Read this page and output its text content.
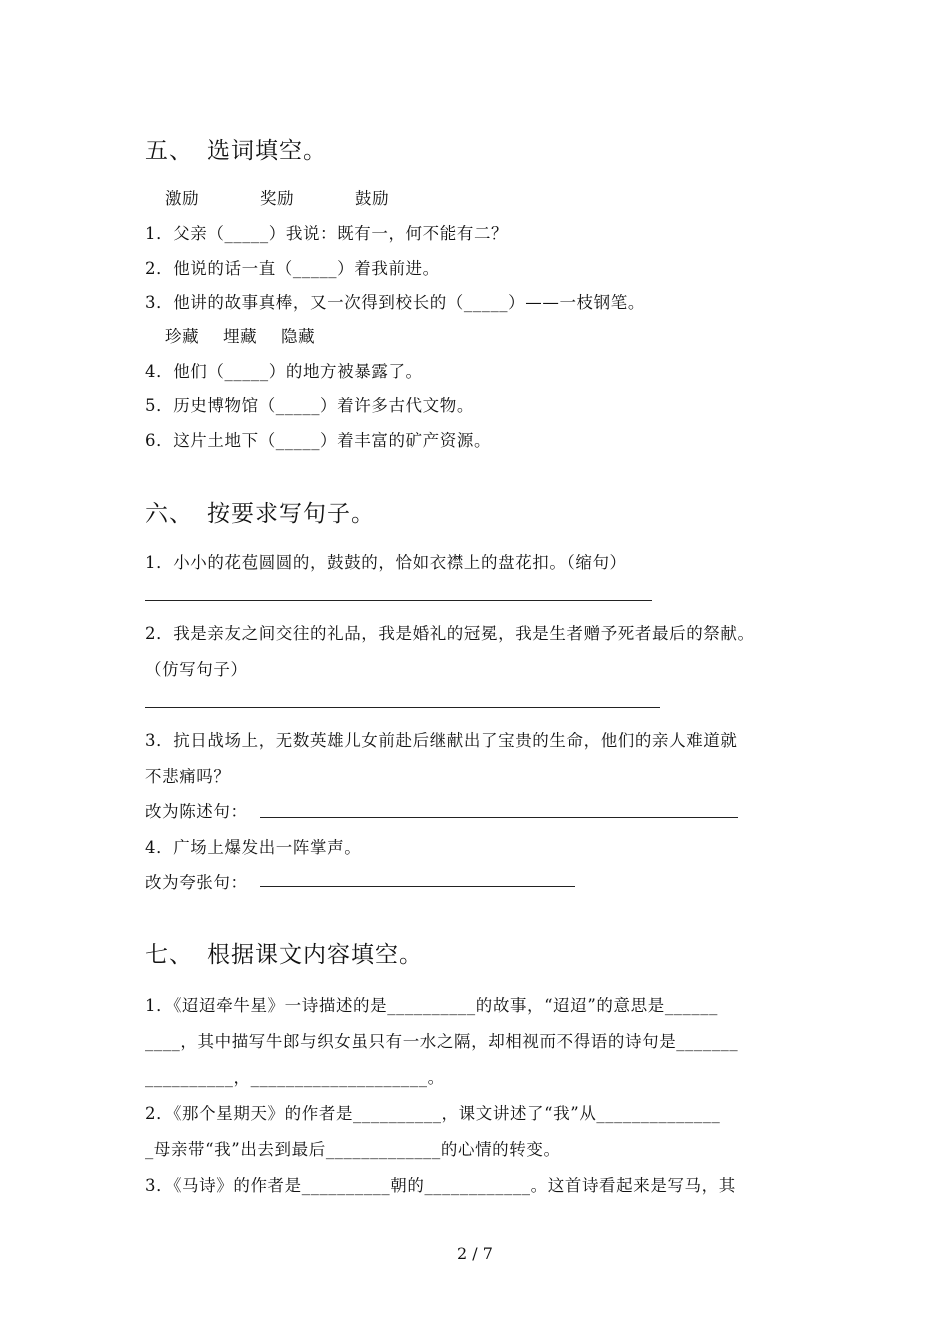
五、 选词填空。
激励	奖励	鼓励
1．父亲（_____）我说：既有一，何不能有二？
2．他说的话一直（_____）着我前进。
3．他讲的故事真棒，又一次得到校长的（_____）——一枝钢笔。
珍藏 埋藏 隐藏
4．他们（_____）的地方被暴露了。
5．历史博物馆（_____）着许多古代文物。
6．这片土地下（_____）着丰富的矿产资源。
六、 按要求写句子。
1．小小的花苞圆圆的，鼓鼓的，恰如衣襟上的盘花扣。（缩句）
2．我是亲友之间交往的礼品，我是婚礼的冠冕，我是生者赠予死者最后的祭献。
（仿写句子）
3．抗日战场上，无数英雄儿女前赴后继献出了宝贵的生命，他们的亲人难道就
不悲痛吗？
改为陈述句：
4．广场上爆发出一阵掌声。
改为夸张句：
七、 根据课文内容填空。
1．《迢迢牵牛星》一诗描述的是__________的故事，“迢迢”的意思是______
____，其中描写牛郎与织女虽只有一水之隔，却相视而不得语的诗句是_______
__________，____________________。
2．《那个星期天》的作者是__________，课文讲述了“我”从______________
_母亲带“我”出去到最后_____________的心情的转变。
3．《马诗》的作者是__________朝的____________。这首诗看起来是写马，其
2 / 7
